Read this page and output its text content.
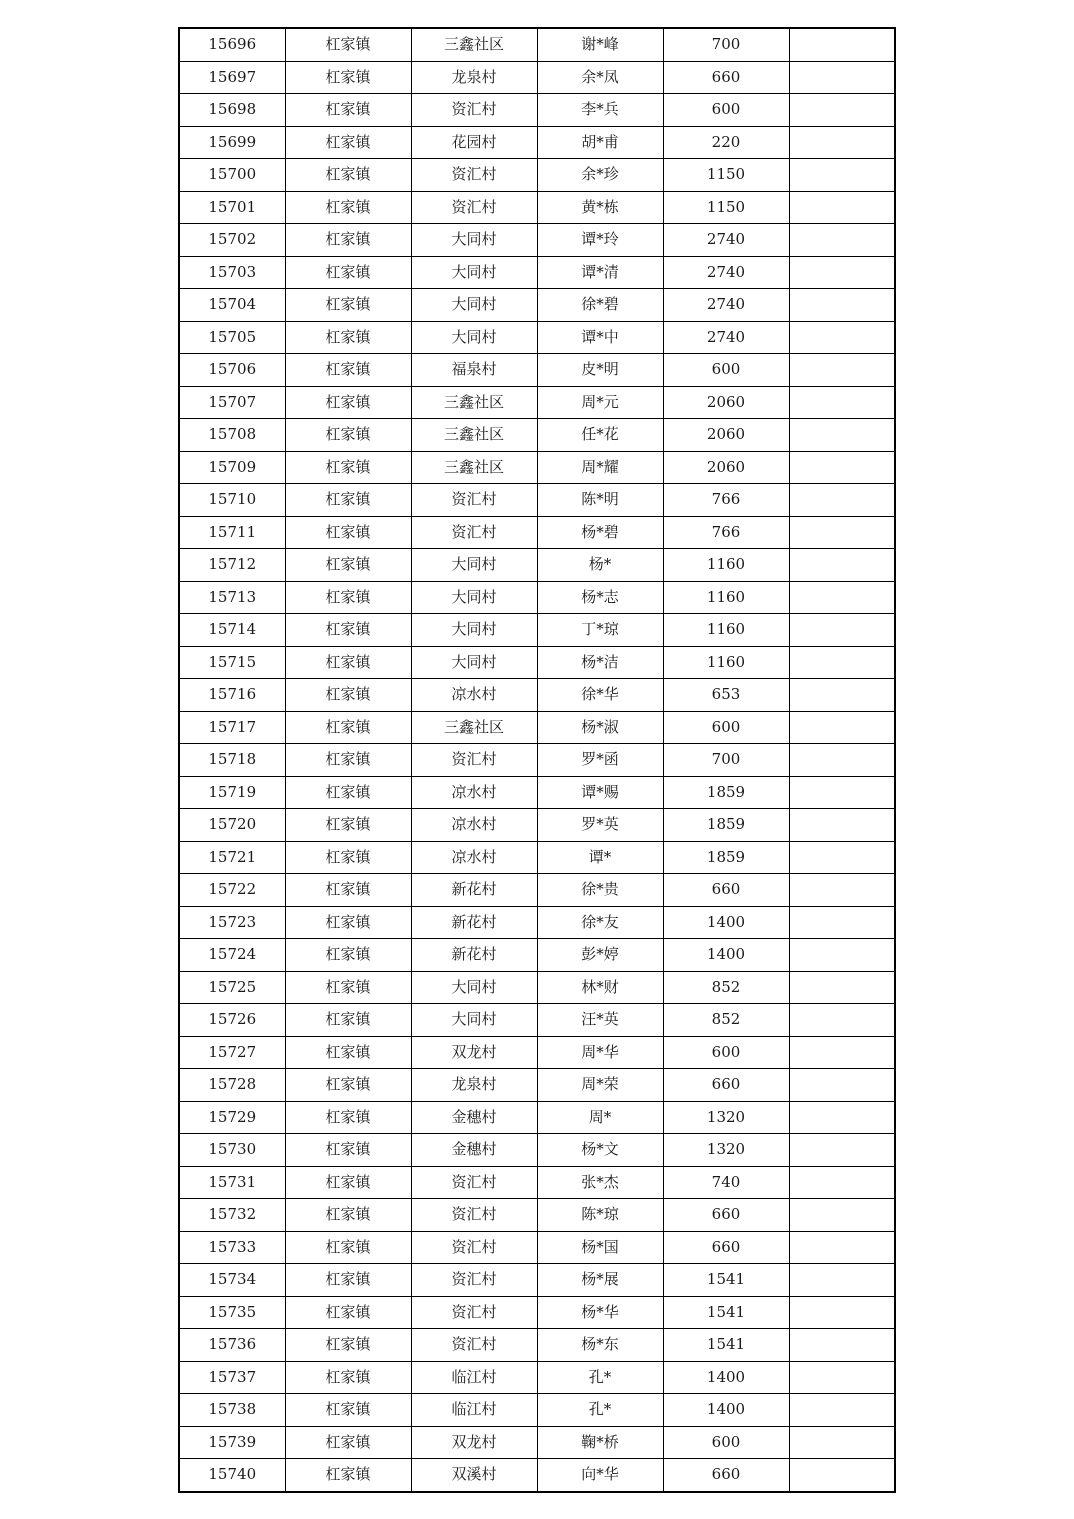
15696	杠家镇	三鑫社区	谢*峰	700	
15697	杠家镇	龙泉村	余*凤	660	
15698	杠家镇	资汇村	李*兵	600	
15699	杠家镇	花园村	胡*甫	220	
15700	杠家镇	资汇村	余*珍	1150	
15701	杠家镇	资汇村	黄*栋	1150	
15702	杠家镇	大同村	谭*玲	2740	
15703	杠家镇	大同村	谭*清	2740	
15704	杠家镇	大同村	徐*碧	2740	
15705	杠家镇	大同村	谭*中	2740	
15706	杠家镇	福泉村	皮*明	600	
15707	杠家镇	三鑫社区	周*元	2060	
15708	杠家镇	三鑫社区	任*花	2060	
15709	杠家镇	三鑫社区	周*耀	2060	
15710	杠家镇	资汇村	陈*明	766	
15711	杠家镇	资汇村	杨*碧	766	
15712	杠家镇	大同村	杨*	1160	
15713	杠家镇	大同村	杨*志	1160	
15714	杠家镇	大同村	丁*琼	1160	
15715	杠家镇	大同村	杨*洁	1160	
15716	杠家镇	凉水村	徐*华	653	
15717	杠家镇	三鑫社区	杨*淑	600	
15718	杠家镇	资汇村	罗*函	700	
15719	杠家镇	凉水村	谭*赐	1859	
15720	杠家镇	凉水村	罗*英	1859	
15721	杠家镇	凉水村	谭*	1859	
15722	杠家镇	新花村	徐*贵	660	
15723	杠家镇	新花村	徐*友	1400	
15724	杠家镇	新花村	彭*婷	1400	
15725	杠家镇	大同村	林*财	852	
15726	杠家镇	大同村	汪*英	852	
15727	杠家镇	双龙村	周*华	600	
15728	杠家镇	龙泉村	周*荣	660	
15729	杠家镇	金穗村	周*	1320	
15730	杠家镇	金穗村	杨*文	1320	
15731	杠家镇	资汇村	张*杰	740	
15732	杠家镇	资汇村	陈*琼	660	
15733	杠家镇	资汇村	杨*国	660	
15734	杠家镇	资汇村	杨*展	1541	
15735	杠家镇	资汇村	杨*华	1541	
15736	杠家镇	资汇村	杨*东	1541	
15737	杠家镇	临江村	孔*	1400	
15738	杠家镇	临江村	孔*	1400	
15739	杠家镇	双龙村	鞠*桥	600	
15740	杠家镇	双溪村	向*华	660	
